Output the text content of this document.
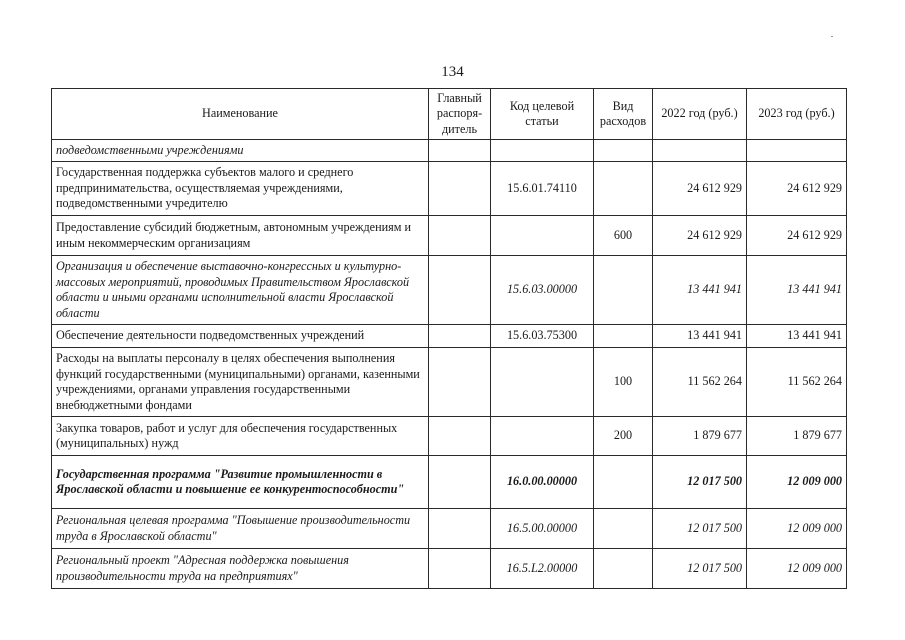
134
Наименование	Главный распоря-дитель	Код целевой статьи	Вид расходов	2022 год (руб.)	2023 год (руб.)
подведомственными учреждениями					
Государственная поддержка субъектов малого и среднего предпринимательства, осуществляемая учреждениями, подведомственными учредителю		15.6.01.74110		24 612 929	24 612 929
Предоставление субсидий бюджетным, автономным учреждениям и иным некоммерческим организациям			600	24 612 929	24 612 929
Организация и обеспечение выставочно-конгрессных и культурно-массовых мероприятий, проводимых Правительством Ярославской области и иными органами исполнительной власти Ярославской области		15.6.03.00000		13 441 941	13 441 941
Обеспечение деятельности подведомственных учреждений		15.6.03.75300		13 441 941	13 441 941
Расходы на выплаты персоналу в целях обеспечения выполнения функций государственными (муниципальными) органами, казенными учреждениями, органами управления государственными внебюджетными фондами			100	11 562 264	11 562 264
Закупка товаров, работ и услуг для обеспечения государственных (муниципальных) нужд			200	1 879 677	1 879 677
Государственная программа "Развитие промышленности в Ярославской области и повышение ее конкурентоспособности"		16.0.00.00000		12 017 500	12 009 000
Региональная целевая программа "Повышение производительности труда в Ярославской области"		16.5.00.00000		12 017 500	12 009 000
Региональный проект "Адресная поддержка повышения производительности труда на предприятиях"		16.5.L2.00000		12 017 500	12 009 000
